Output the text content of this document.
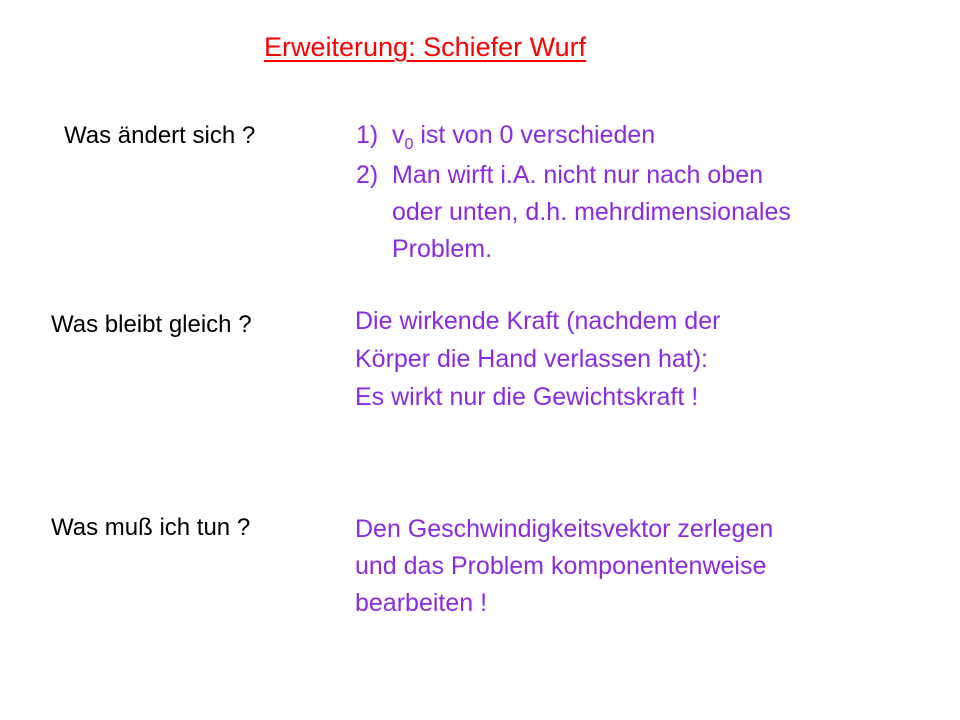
Erweiterung: Schiefer Wurf
Was ändert sich ?	1) $v_0$ ist von 0 verschieden
2) Man wirft i.A. nicht nur nach oben
oder unten, d.h. mehrdimensionales
Problem.
Was bleibt gleich ?	Die wirkende Kraft (nachdem der
Körper die Hand verlassen hat):
Es wirkt nur die Gewichtskraft !
Was muß ich tun ?	Den Geschwindigkeitsvektor zerlegen
und das Problem komponentenweise
bearbeiten !
